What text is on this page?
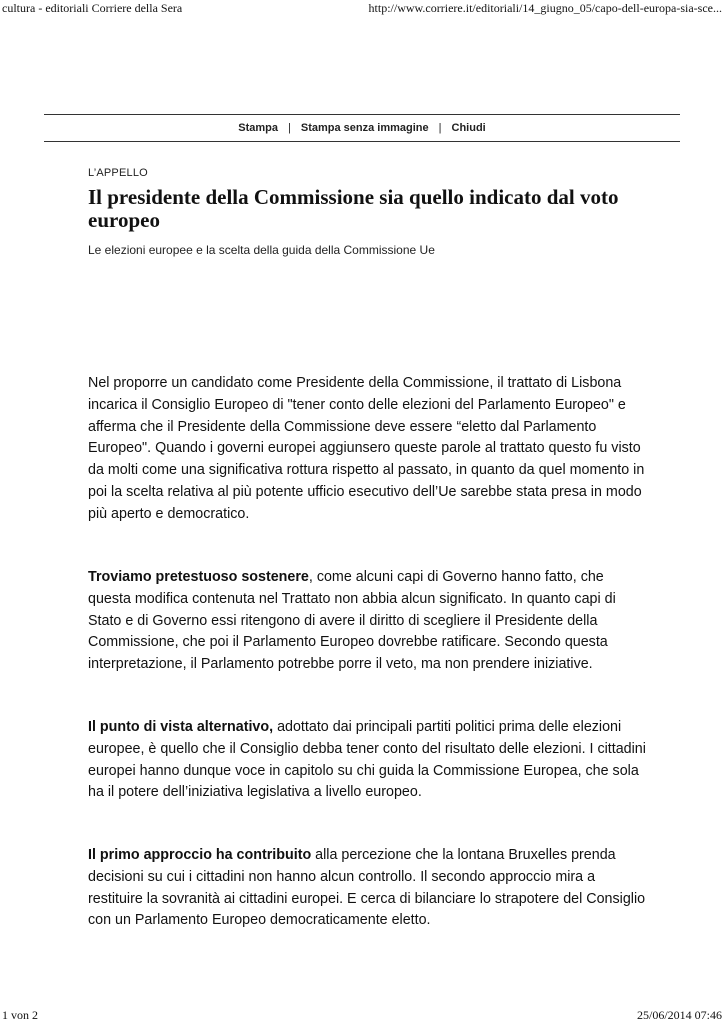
cultura - editoriali Corriere della Sera	http://www.corriere.it/editoriali/14_giugno_05/capo-dell-europa-sia-sce...
Stampa | Stampa senza immagine | Chiudi
L’APPELLO
Il presidente della Commissione sia quello indicato dal voto europeo
Le elezioni europee e la scelta della guida della Commissione Ue

Nel proporre un candidato come Presidente della Commissione, il trattato di Lisbona incarica il Consiglio Europeo di "tener conto delle elezioni del Parlamento Europeo" e afferma che il Presidente della Commissione deve essere “eletto dal Parlamento Europeo". Quando i governi europei aggiunsero queste parole al trattato questo fu visto da molti come una significativa rottura rispetto al passato, in quanto da quel momento in poi la scelta relativa al più potente ufficio esecutivo dell’Ue sarebbe stata presa in modo più aperto e democratico.

Troviamo pretestuoso sostenere, come alcuni capi di Governo hanno fatto, che questa modifica contenuta nel Trattato non abbia alcun significato. In quanto capi di Stato e di Governo essi ritengono di avere il diritto di scegliere il Presidente della Commissione, che poi il Parlamento Europeo dovrebbe ratificare. Secondo questa interpretazione, il Parlamento potrebbe porre il veto, ma non prendere iniziative.

Il punto di vista alternativo, adottato dai principali partiti politici prima delle elezioni europee, è quello che il Consiglio debba tener conto del risultato delle elezioni. I cittadini europei hanno dunque voce in capitolo su chi guida la Commissione Europea, che sola ha il potere dell’iniziativa legislativa a livello europeo.

Il primo approccio ha contribuito alla percezione che la lontana Bruxelles prenda decisioni su cui i cittadini non hanno alcun controllo. Il secondo approccio mira a restituire la sovranità ai cittadini europei. E cerca di bilanciare lo strapotere del Consiglio con un Parlamento Europeo democraticamente eletto.

1 von 2	25/06/2014 07:46
